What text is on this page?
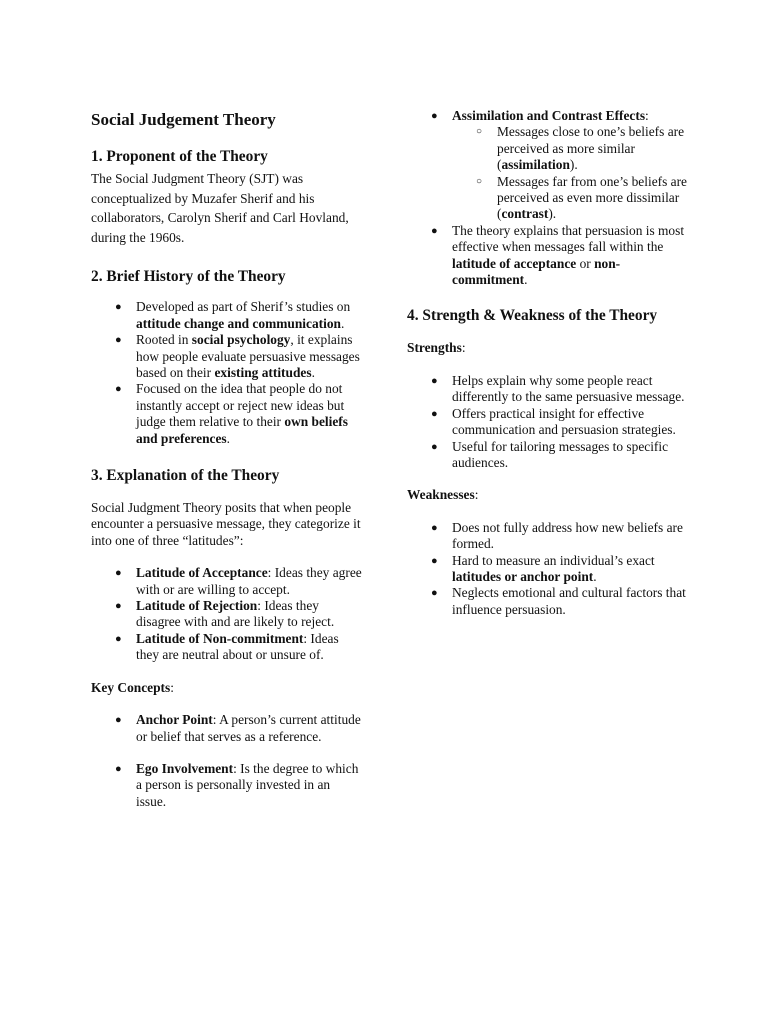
Social Judgement Theory
1. Proponent of the Theory

The Social Judgment Theory (SJT) was conceptualized by Muzafer Sherif and his collaborators, Carolyn Sherif and Carl Hovland, during the 1960s.

2. Brief History of the Theory
● Developed as part of Sherif’s studies on attitude change and communication.
● Rooted in social psychology, it explains how people evaluate persuasive messages based on their existing attitudes.
● Focused on the idea that people do not instantly accept or reject new ideas but judge them relative to their own beliefs and preferences.
3. Explanation of the Theory

Social Judgment Theory posits that when people encounter a persuasive message, they categorize it into one of three “latitudes”:

● Latitude of Acceptance: Ideas they agree with or are willing to accept.
● Latitude of Rejection: Ideas they disagree with and are likely to reject.
● Latitude of Non-commitment: Ideas they are neutral about or unsure of.

Key Concepts:

● Anchor Point: A person’s current attitude or belief that serves as a reference.
● Ego Involvement: Is the degree to which a person is personally invested in an issue.
● Assimilation and Contrast Effects:
○ Messages close to one’s beliefs are perceived as more similar (assimilation).
○ Messages far from one’s beliefs are perceived as even more dissimilar (contrast).
● The theory explains that persuasion is most effective when messages fall within the latitude of acceptance or non-commitment.
4. Strength & Weakness of the Theory

Strengths:

● Helps explain why some people react differently to the same persuasive message.
● Offers practical insight for effective communication and persuasion strategies.
● Useful for tailoring messages to specific audiences.

Weaknesses:

● Does not fully address how new beliefs are formed.
● Hard to measure an individual’s exact latitudes or anchor point.
● Neglects emotional and cultural factors that influence persuasion.
